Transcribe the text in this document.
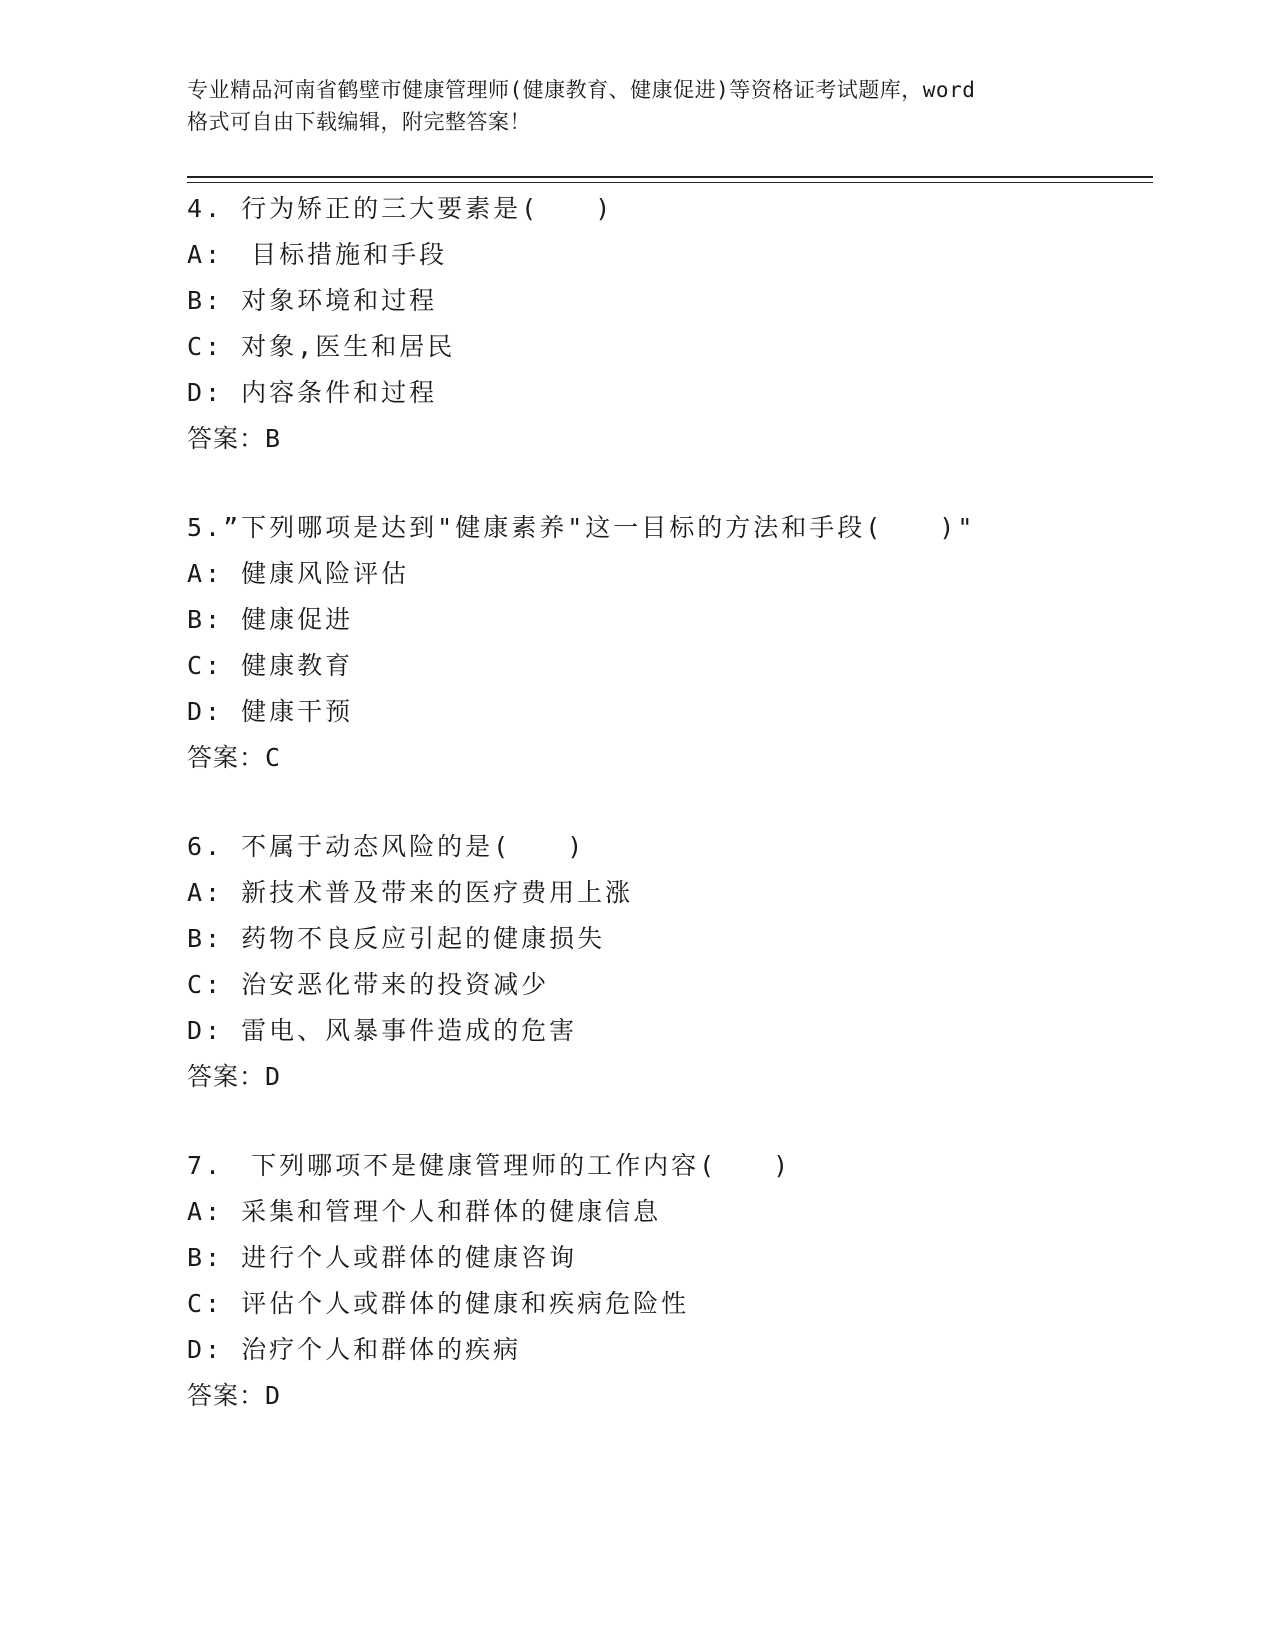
专业精品河南省鹤壁市健康管理师(健康教育、健康促进)等资格证考试题库，word
格式可自由下载编辑，附完整答案！
4. 行为矫正的三大要素是(　　)
A:　目标措施和手段
B: 对象环境和过程
C: 对象,医生和居民
D: 内容条件和过程
答案：B
5.”下列哪项是达到"健康素养"这一目标的方法和手段(　　)"
A: 健康风险评估
B: 健康促进
C: 健康教育
D: 健康干预
答案：C
6. 不属于动态风险的是(　　)
A: 新技术普及带来的医疗费用上涨
B: 药物不良反应引起的健康损失
C: 治安恶化带来的投资减少
D: 雷电、风暴事件造成的危害
答案：D
7.　下列哪项不是健康管理师的工作内容(　　)
A: 采集和管理个人和群体的健康信息
B: 进行个人或群体的健康咨询
C: 评估个人或群体的健康和疾病危险性
D: 治疗个人和群体的疾病
答案：D
